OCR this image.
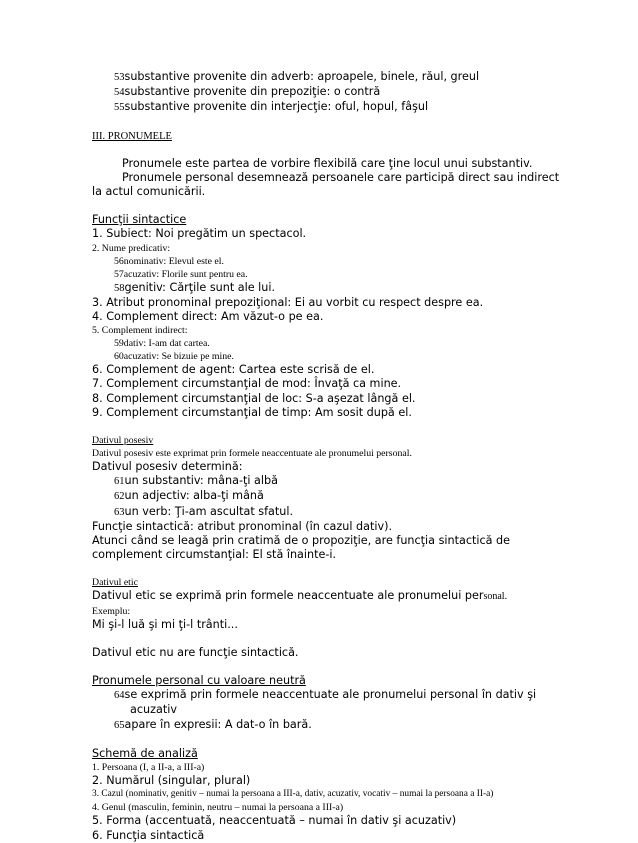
53substantive provenite din adverb: aproapele, binele, răul, greul
54substantive provenite din prepoziţie: o contră
55substantive provenite din interjecţie: oful, hopul, fâşul
III. PRONUMELE
Pronumele este partea de vorbire flexibilă care ţine locul unui substantiv.
Pronumele personal desemnează persoanele care participă direct sau indirect
la actul comunicării.
Funcţii sintactice
1. Subiect: Noi pregătim un spectacol.
2. Nume predicativ:
56nominativ: Elevul este el.
57acuzativ: Florile sunt pentru ea.
58genitiv: Cărţile sunt ale lui.
3. Atribut pronominal prepoziţional: Ei au vorbit cu respect despre ea.
4. Complement direct: Am văzut-o pe ea.
5. Complement indirect:
59dativ: I-am dat cartea.
60acuzativ: Se bizuie pe mine.
6. Complement de agent: Cartea este scrisă de el.
7. Complement circumstanţial de mod: Învaţă ca mine.
8. Complement circumstanţial de loc: S-a aşezat lângă el.
9. Complement circumstanţial de timp: Am sosit după el.
Dativul posesiv
Dativul posesiv este exprimat prin formele neaccentuate ale pronumelui personal.
Dativul posesiv determină:
61un substantiv: mâna-ţi albă
62un adjectiv: alba-ţi mână
63un verb: Ţi-am ascultat sfatul.
Funcţie sintactică: atribut pronominal (în cazul dativ).
Atunci când se leagă prin cratimă de o propoziţie, are funcţia sintactică de
complement circumstanţial: El stă înainte-i.
Dativul etic
Dativul etic se exprimă prin formele neaccentuate ale pronumelui personal.
Exemplu:
Mi şi-l luă şi mi ţi-l trânti...
Dativul etic nu are funcţie sintactică.
Pronumele personal cu valoare neutră
64se exprimă prin formele neaccentuate ale pronumelui personal în dativ şi
acuzativ
65apare în expresii: A dat-o în bară.
Schemă de analiză
1. Persoana (I, a II-a, a III-a)
2. Numărul (singular, plural)
3. Cazul (nominativ, genitiv – numai la persoana a III-a, dativ, acuzativ, vocativ – numai la persoana a II-a)
4. Genul (masculin, feminin, neutru – numai la persoana a III-a)
5. Forma (accentuată, neaccentuată – numai în dativ şi acuzativ)
6. Funcţia sintactică
